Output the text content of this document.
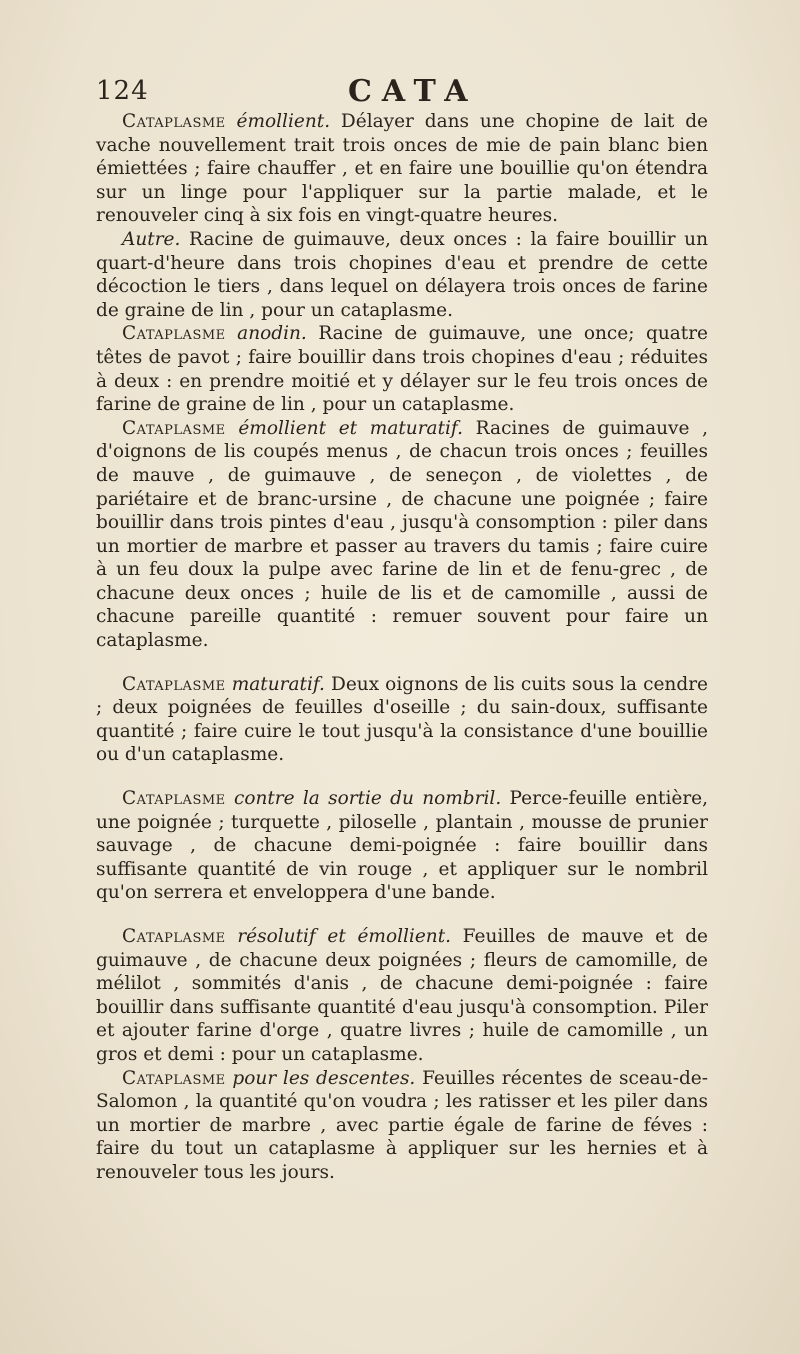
124	CATA

Cataplasme émollient. Délayer dans une chopine de lait de vache nouvellement trait trois onces de mie de pain blanc bien émiettées ; faire chauffer , et en faire une bouillie qu'on étendra sur un linge pour l'appliquer sur la partie malade, et le renouveler cinq à six fois en vingt-quatre heures.

Autre. Racine de guimauve, deux onces : la faire bouillir un quart-d'heure dans trois chopines d'eau et prendre de cette décoction le tiers , dans lequel on délayera trois onces de farine de graine de lin , pour un cataplasme.

Cataplasme anodin. Racine de guimauve, une once; quatre têtes de pavot ; faire bouillir dans trois chopines d'eau ; réduites à deux : en prendre moitié et y délayer sur le feu trois onces de farine de graine de lin , pour un cataplasme.

Cataplasme émollient et maturatif. Racines de guimauve , d'oignons de lis coupés menus , de chacun trois onces ; feuilles de mauve , de guimauve , de seneçon , de violettes , de pariétaire et de branc-ursine , de chacune une poignée ; faire bouillir dans trois pintes d'eau , jusqu'à consomption : piler dans un mortier de marbre et passer au travers du tamis ; faire cuire à un feu doux la pulpe avec farine de lin et de fenu-grec , de chacune deux onces ; huile de lis et de camomille , aussi de chacune pareille quantité : remuer souvent pour faire un cataplasme.

Cataplasme maturatif. Deux oignons de lis cuits sous la cendre ; deux poignées de feuilles d'oseille ; du sain-doux, suffisante quantité ; faire cuire le tout jusqu'à la consistance d'une bouillie ou d'un cataplasme.

Cataplasme contre la sortie du nombril. Perce-feuille entière, une poignée ; turquette , piloselle , plantain , mousse de prunier sauvage , de chacune demi-poignée : faire bouillir dans suffisante quantité de vin rouge , et appliquer sur le nombril qu'on serrera et enveloppera d'une bande.

Cataplasme résolutif et émollient. Feuilles de mauve et de guimauve , de chacune deux poignées ; fleurs de camomille, de mélilot , sommités d'anis , de chacune demi-poignée : faire bouillir dans suffisante quantité d'eau jusqu'à consomption. Piler et ajouter farine d'orge , quatre livres ; huile de camomille , un gros et demi : pour un cataplasme.

Cataplasme pour les descentes. Feuilles récentes de sceau-de-Salomon , la quantité qu'on voudra ; les ratisser et les piler dans un mortier de marbre , avec partie égale de farine de féves : faire du tout un cataplasme à appliquer sur les hernies et à renouveler tous les jours.
